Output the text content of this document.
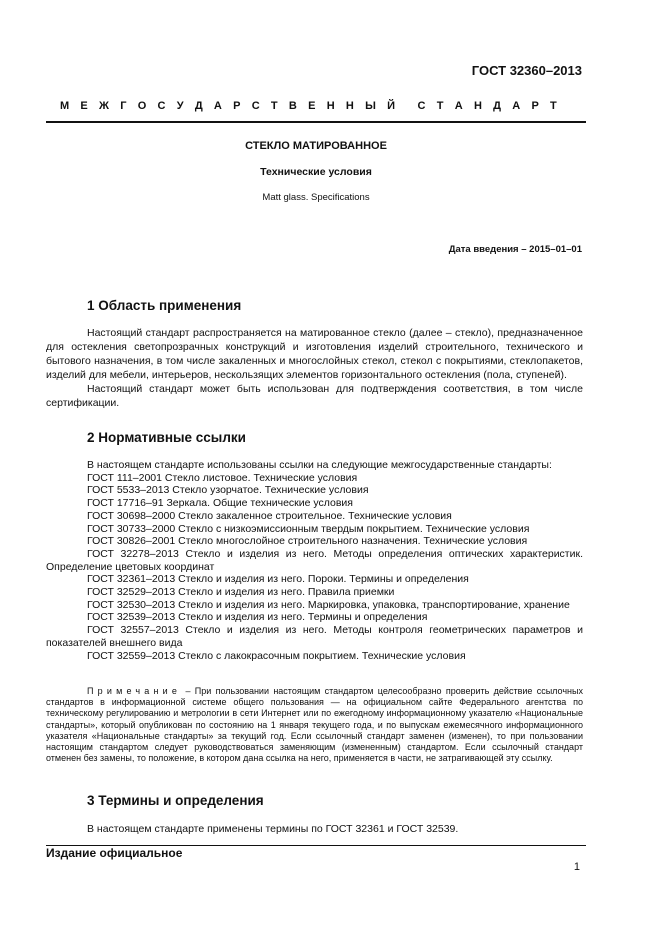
ГОСТ 32360–2013
М Е Ж Г О С У Д А Р С Т В Е Н Н Ы Й С Т А Н Д А Р Т
СТЕКЛО МАТИРОВАННОЕ
Технические условия
Matt glass. Specifications
Дата введения – 2015–01–01
1 Область применения

Настоящий стандарт распространяется на матированное стекло (далее – стекло), предназначенное для остекления светопрозрачных конструкций и изготовления изделий строительного, технического и бытового назначения, в том числе закаленных и многослойных стекол, стекол с покрытиями, стеклопакетов, изделий для мебели, интерьеров, нескользящих элементов горизонтального остекления (пола, ступеней).

Настоящий стандарт может быть использован для подтверждения соответствия, в том числе сертификации.

2 Нормативные ссылки

В настоящем стандарте использованы ссылки на следующие межгосударственные стандарты:

ГОСТ 111–2001 Стекло листовое. Технические условия

ГОСТ 5533–2013 Стекло узорчатое. Технические условия

ГОСТ 17716–91 Зеркала. Общие технические условия

ГОСТ 30698–2000 Стекло закаленное строительное. Технические условия

ГОСТ 30733–2000 Стекло с низкоэмиссионным твердым покрытием. Технические условия

ГОСТ 30826–2001 Стекло многослойное строительного назначения. Технические условия

ГОСТ 32278–2013 Стекло и изделия из него. Методы определения оптических характеристик. Определение цветовых координат

ГОСТ 32361–2013 Стекло и изделия из него. Пороки. Термины и определения

ГОСТ 32529–2013 Стекло и изделия из него. Правила приемки

ГОСТ 32530–2013 Стекло и изделия из него. Маркировка, упаковка, транспортирование, хранение

ГОСТ 32539–2013 Стекло и изделия из него. Термины и определения

ГОСТ 32557–2013 Стекло и изделия из него. Методы контроля геометрических параметров и показателей внешнего вида

ГОСТ 32559–2013 Стекло с лакокрасочным покрытием. Технические условия

Примечание – При пользовании настоящим стандартом целесообразно проверить действие ссылочных стандартов в информационной системе общего пользования — на официальном сайте Федерального агентства по техническому регулированию и метрологии в сети Интернет или по ежегодному информационному указателю «Национальные стандарты», который опубликован по состоянию на 1 января текущего года, и по выпускам ежемесячного информационного указателя «Национальные стандарты» за текущий год. Если ссылочный стандарт заменен (изменен), то при пользовании настоящим стандартом следует руководствоваться заменяющим (измененным) стандартом. Если ссылочный стандарт отменен без замены, то положение, в котором дана ссылка на него, применяется в части, не затрагивающей эту ссылку.
3 Термины и определения

В настоящем стандарте применены термины по ГОСТ 32361 и ГОСТ 32539.

Издание официальное
1
